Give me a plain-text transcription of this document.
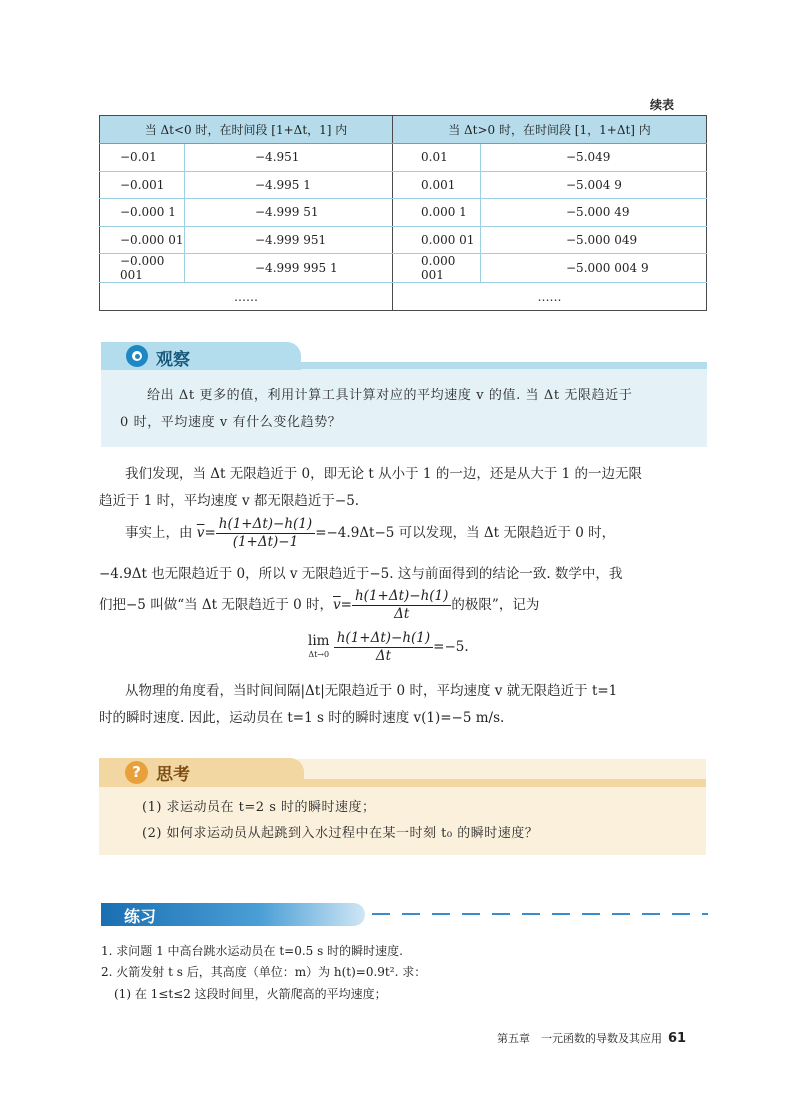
续表
当 Δt<0 时，在时间段 [1+Δt，1] 内		当 Δt>0 时，在时间段 [1，1+Δt] 内	
−0.01	−4.951	0.01	−5.049
−0.001	−4.995 1	0.001	−5.004 9
−0.000 1	−4.999 51	0.000 1	−5.000 49
−0.000 01	−4.999 951	0.000 01	−5.000 049
−0.000 001	−4.999 995 1	0.000 001	−5.000 004 9
……		……	
给出 Δt 更多的值，利用计算工具计算对应的平均速度 v 的值. 当 Δt 无限趋近于
0 时，平均速度 v 有什么变化趋势？
观察
我们发现，当 Δt 无限趋近于 0，即无论 t 从小于 1 的一边，还是从大于 1 的一边无限
趋近于 1 时，平均速度 v 都无限趋近于−5.
事实上，由 $\overline{v}= \frac{h(1+\Delta t)-h(1)}{(1+\Delta t)-1} =-4.9\Delta t-5$ 可以发现，当 Δt 无限趋近于 0 时，
−4.9Δt 也无限趋近于 0，所以 v 无限趋近于−5. 这与前面得到的结论一致. 数学中，我
们把−5 叫做“当 Δt 无限趋近于 0 时，$\overline{v}= \frac{h(1+\Delta t)-h(1)}{\Delta t}$ 的极限”，记为
lim
Δt→0
$\frac{h(1+\Delta t)-h(1)}{\Delta t} =-5$.
从物理的角度看，当时间间隔|Δt|无限趋近于 0 时，平均速度 v 就无限趋近于 t=1
时的瞬时速度. 因此，运动员在 t=1 s 时的瞬时速度 v(1)=−5 m/s.
? 思考
(1) 求运动员在 t=2 s 时的瞬时速度；
(2) 如何求运动员从起跳到入水过程中在某一时刻 t₀ 的瞬时速度？
练习
1. 求问题 1 中高台跳水运动员在 t=0.5 s 时的瞬时速度.
2. 火箭发射 t s 后，其高度（单位：m）为 h(t)=0.9t². 求：
(1) 在 1≤t≤2 这段时间里，火箭爬高的平均速度；
第五章　一元函数的导数及其应用 61
